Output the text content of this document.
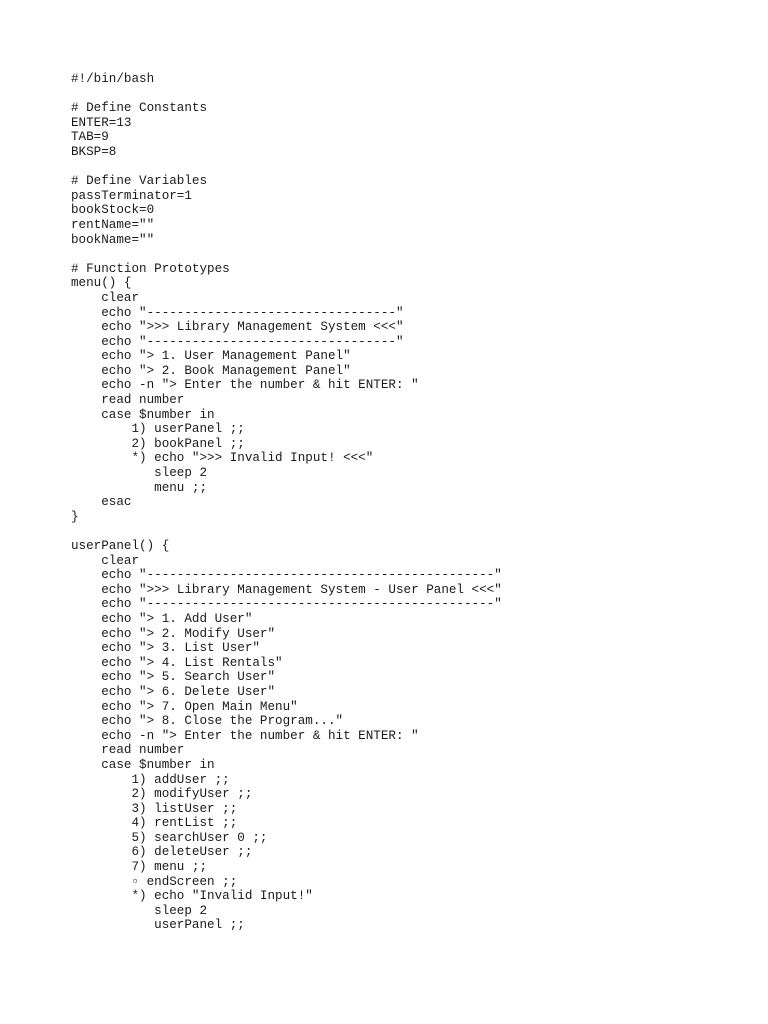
#!/bin/bash
# Define Constants
ENTER=13
TAB=9
BKSP=8
# Define Variables
passTerminator=1
bookStock=0
rentName=""
bookName=""
# Function Prototypes
menu() {
clear
echo "---------------------------------"
echo ">>> Library Management System <<<"
echo "---------------------------------"
echo "> 1. User Management Panel"
echo "> 2. Book Management Panel"
echo -n "> Enter the number & hit ENTER: "
read number
case $number in
1) userPanel ;;
2) bookPanel ;;
*) echo ">>> Invalid Input! <<<"
sleep 2
menu ;;
esac
}
userPanel() {
clear
echo "----------------------------------------------"
echo ">>> Library Management System - User Panel <<<"
echo "----------------------------------------------"
echo "> 1. Add User"
echo "> 2. Modify User"
echo "> 3. List User"
echo "> 4. List Rentals"
echo "> 5. Search User"
echo "> 6. Delete User"
echo "> 7. Open Main Menu"
echo "> 8. Close the Program..."
echo -n "> Enter the number & hit ENTER: "
read number
case $number in
1) addUser ;;
2) modifyUser ;;
3) listUser ;;
4) rentList ;;
5) searchUser 0 ;;
6) deleteUser ;;
7) menu ;;
▫ endScreen ;;
*) echo "Invalid Input!"
sleep 2
userPanel ;;
